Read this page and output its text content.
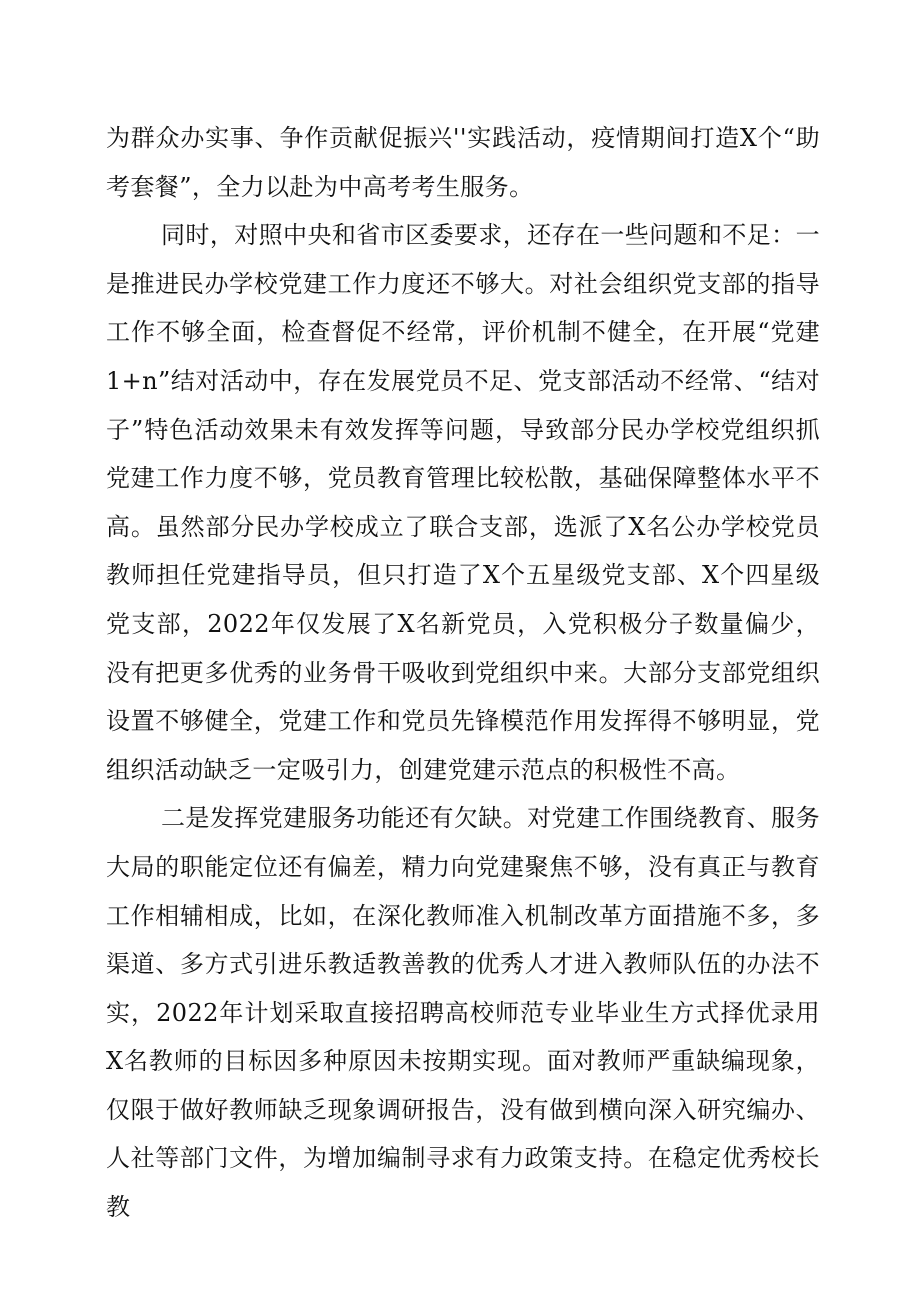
为群众办实事、争作贡献促振兴''实践活动，疫情期间打造X个“助考套餐”，全力以赴为中高考考生服务。

同时，对照中央和省市区委要求，还存在一些问题和不足：一是推进民办学校党建工作力度还不够大。对社会组织党支部的指导工作不够全面，检查督促不经常，评价机制不健全，在开展“党建1+n”结对活动中，存在发展党员不足、党支部活动不经常、“结对子”特色活动效果未有效发挥等问题，导致部分民办学校党组织抓党建工作力度不够，党员教育管理比较松散，基础保障整体水平不高。虽然部分民办学校成立了联合支部，选派了X名公办学校党员教师担任党建指导员，但只打造了X个五星级党支部、X个四星级党支部，2022年仅发展了X名新党员，入党积极分子数量偏少，没有把更多优秀的业务骨干吸收到党组织中来。大部分支部党组织设置不够健全，党建工作和党员先锋模范作用发挥得不够明显，党组织活动缺乏一定吸引力，创建党建示范点的积极性不高。

二是发挥党建服务功能还有欠缺。对党建工作围绕教育、服务大局的职能定位还有偏差，精力向党建聚焦不够，没有真正与教育工作相辅相成，比如，在深化教师准入机制改革方面措施不多，多渠道、多方式引进乐教适教善教的优秀人才进入教师队伍的办法不实，2022年计划采取直接招聘高校师范专业毕业生方式择优录用X名教师的目标因多种原因未按期实现。面对教师严重缺编现象，仅限于做好教师缺乏现象调研报告，没有做到横向深入研究编办、人社等部门文件，为增加编制寻求有力政策支持。在稳定优秀校长教
